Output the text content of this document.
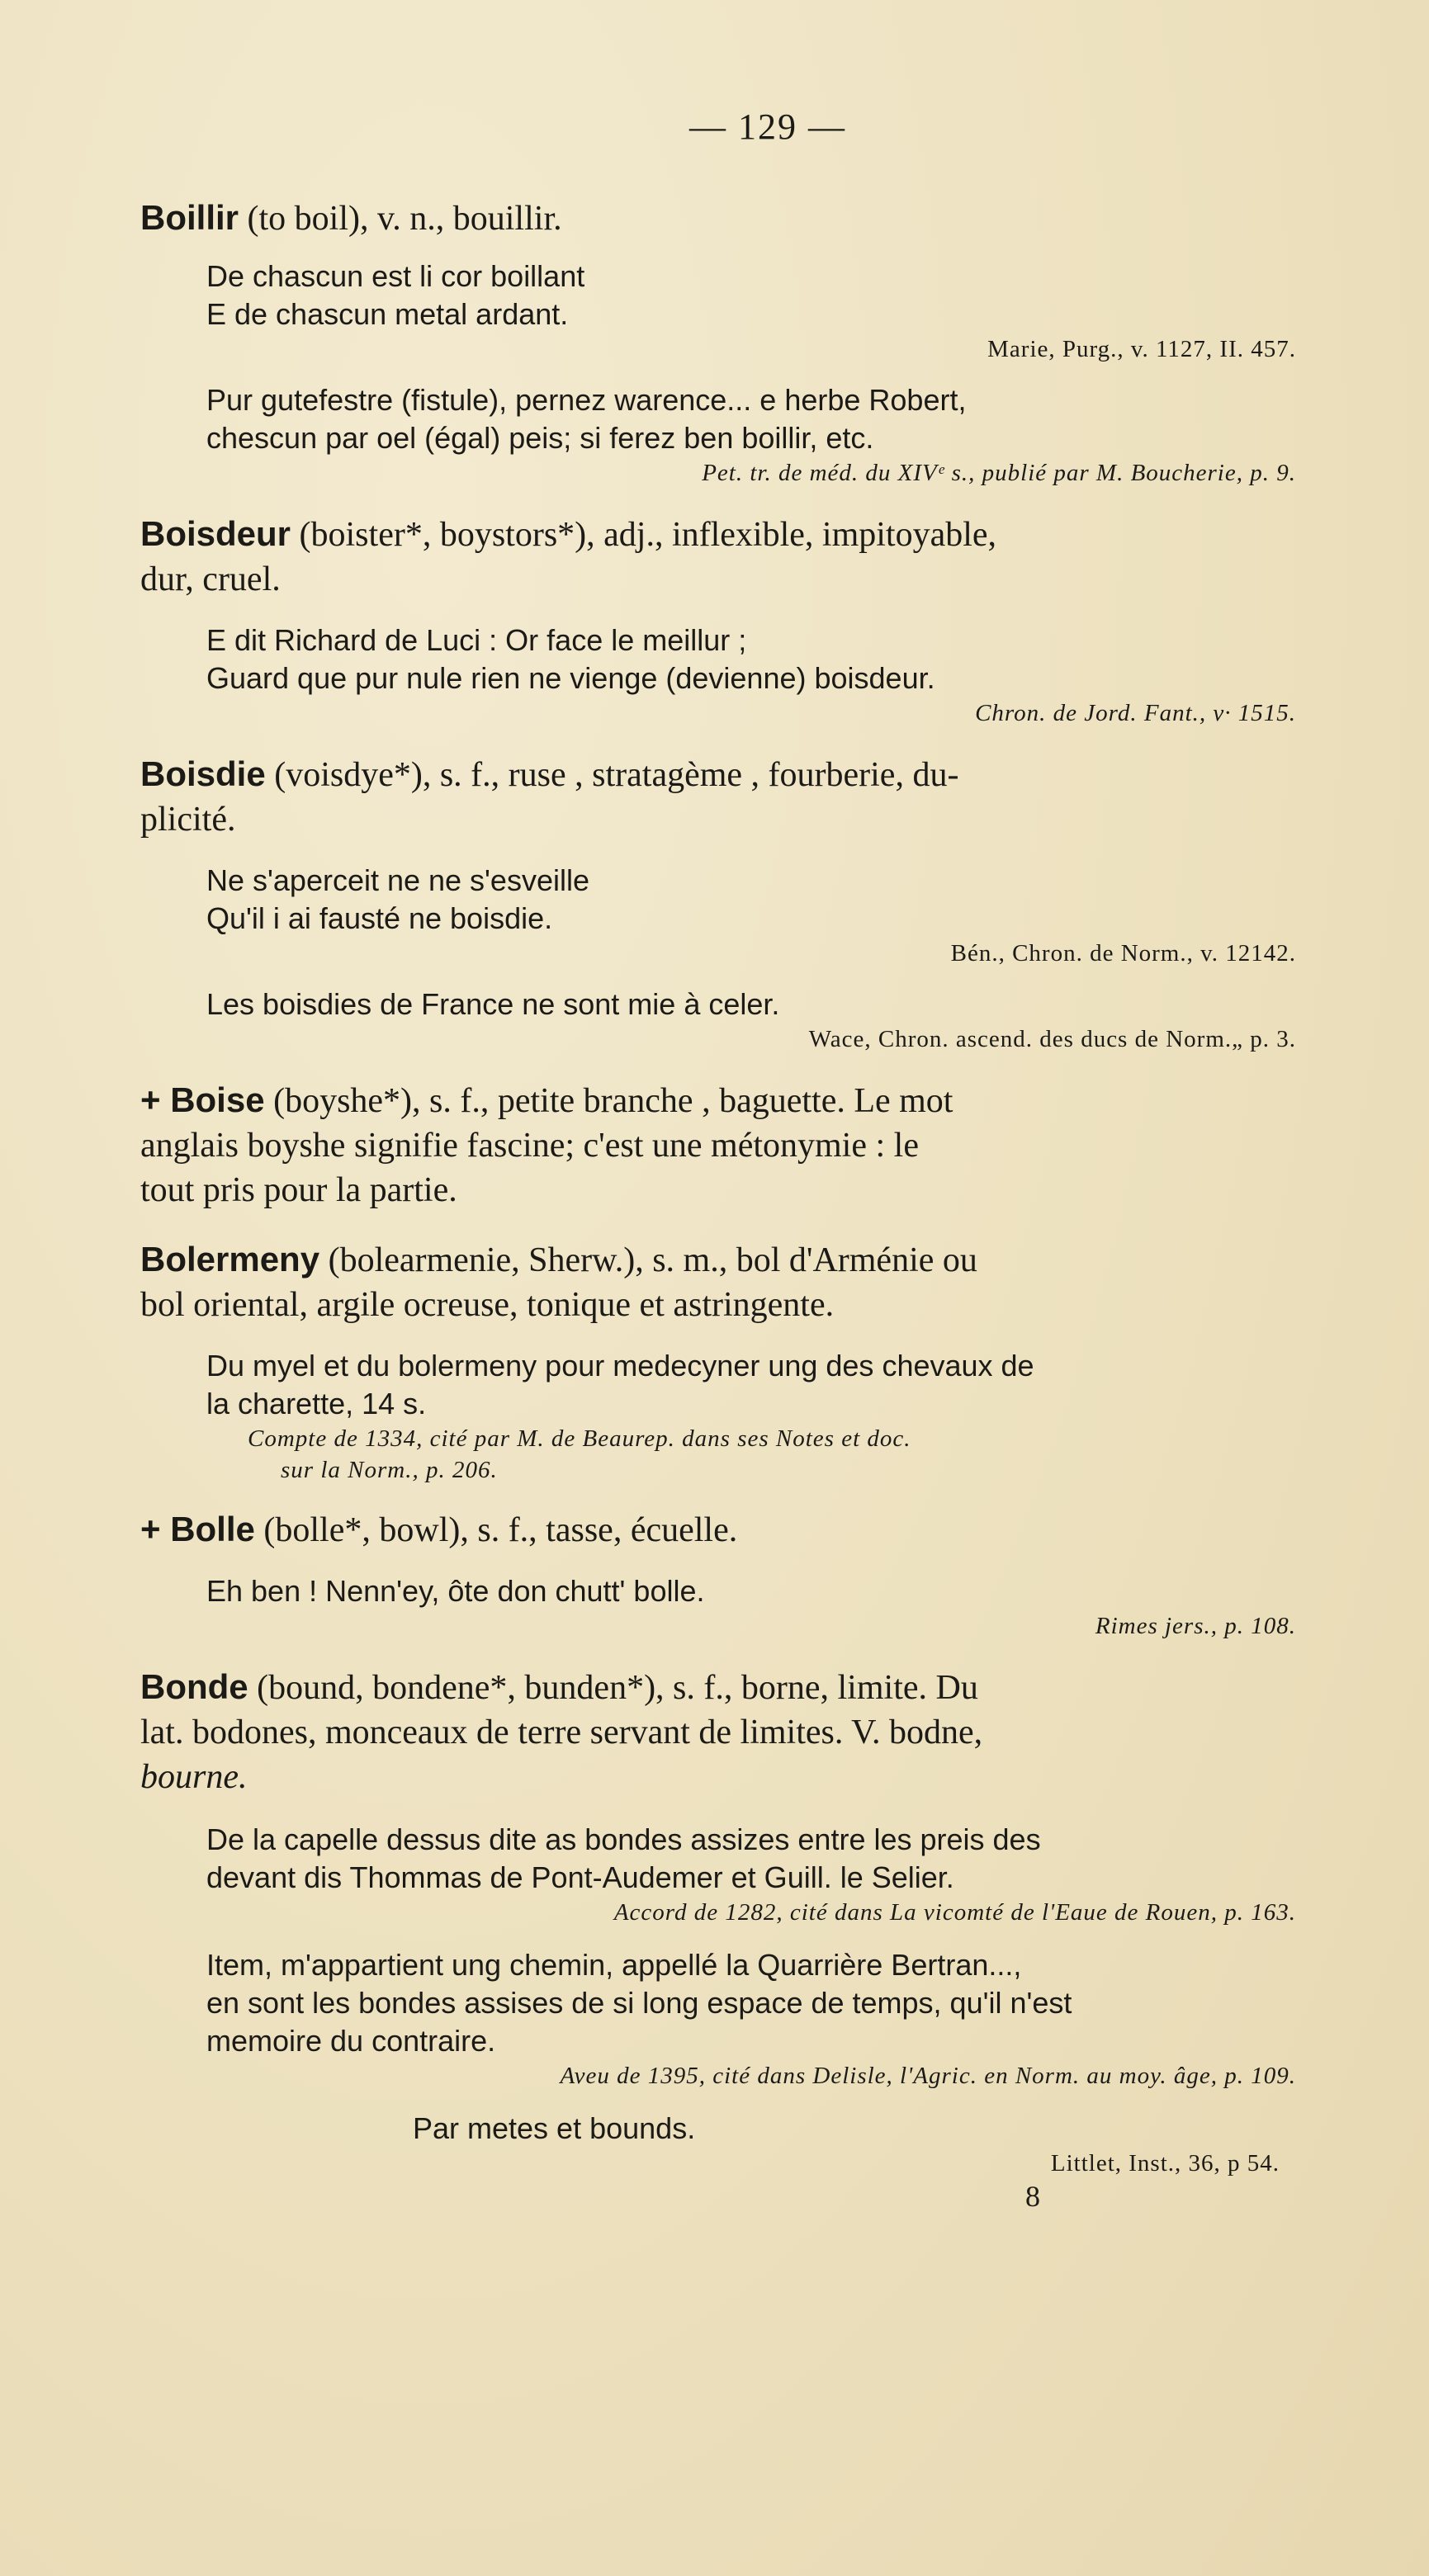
— 129 —

Boillir (to boil), v. n., bouillir.

De chascun est li cor boillant

E de chascun metal ardant.

Marie, Purg., v. 1127, II. 457.

Pur gutefestre (fistule), pernez warence... e herbe Robert,

chescun par oel (égal) peis; si ferez ben boillir, etc.

Pet. tr. de méd. du XIVᵉ s., publié par M. Boucherie, p. 9.

Boisdeur (boister*, boystors*), adj., inflexible, impitoyable,

dur, cruel.

E dit Richard de Luci : Or face le meillur ;

Guard que pur nule rien ne vienge (devienne) boisdeur.

Chron. de Jord. Fant., v· 1515.

Boisdie (voisdye*), s. f., ruse , stratagème , fourberie, du-

plicité.

Ne s'aperceit ne ne s'esveille

Qu'il i ai fausté ne boisdie.

Bén., Chron. de Norm., v. 12142.

Les boisdies de France ne sont mie à celer.

Wace, Chron. ascend. des ducs de Norm.„ p. 3.

+ Boise (boyshe*), s. f., petite branche , baguette. Le mot

anglais boyshe signifie fascine; c'est une métonymie : le

tout pris pour la partie.

Bolermeny (bolearmenie, Sherw.), s. m., bol d'Arménie ou

bol oriental, argile ocreuse, tonique et astringente.

Du myel et du bolermeny pour medecyner ung des chevaux de

la charette, 14 s.

Compte de 1334, cité par M. de Beaurep. dans ses Notes et doc.

sur la Norm., p. 206.

+ Bolle (bolle*, bowl), s. f., tasse, écuelle.

Eh ben ! Nenn'ey, ôte don chutt' bolle.

Rimes jers., p. 108.

Bonde (bound, bondene*, bunden*), s. f., borne, limite. Du

lat. bodones, monceaux de terre servant de limites. V. bodne,

bourne.

De la capelle dessus dite as bondes assizes entre les preis des

devant dis Thommas de Pont-Audemer et Guill. le Selier.

Accord de 1282, cité dans La vicomté de l'Eaue de Rouen, p. 163.

Item, m'appartient ung chemin, appellé la Quarrière Bertran...,

en sont les bondes assises de si long espace de temps, qu'il n'est

memoire du contraire.

Aveu de 1395, cité dans Delisle, l'Agric. en Norm. au moy. âge, p. 109.

Par metes et bounds.

Littlet, Inst., 36, p 54.

8
